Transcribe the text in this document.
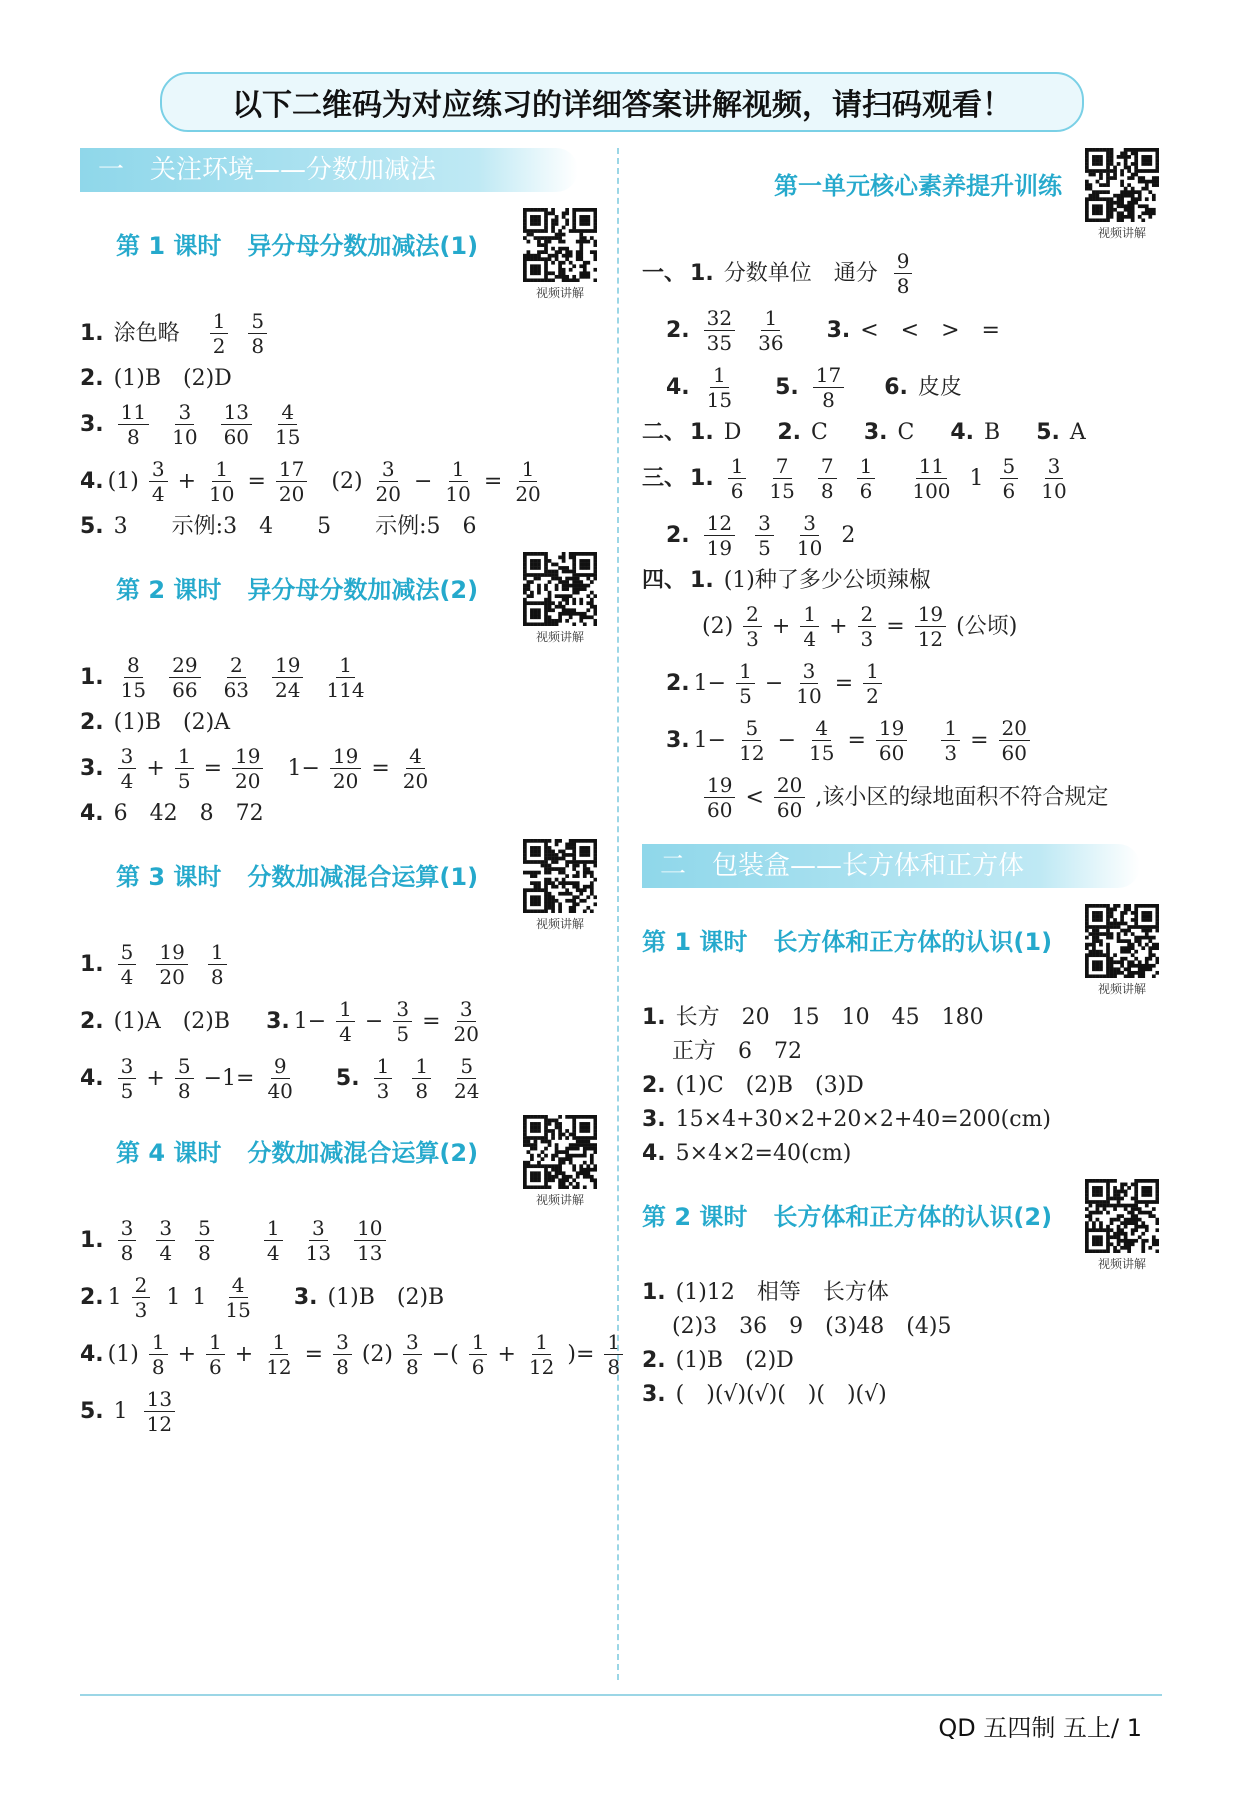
以下二维码为对应练习的详细答案讲解视频，请扫码观看！
一　 关注环境——分数加减法
第 1 课时 异分母分数加减法(1)
视频讲解
1. 涂色略 $\frac{1}{2} \frac{5}{8}$
2. (1)B　(2)D
3. $\frac{11}{8} \frac{3}{10} \frac{13}{60} \frac{4}{15}$
4. $(1) \frac{3}{4} + \frac{1}{10} = \frac{17}{20} (2) \frac{3}{20} - \frac{1}{10} = \frac{1}{20}$
5. 3　　示例:3　4　　5　　示例:5　6
第 2 课时 异分母分数加减法(2)
视频讲解
1. $\frac{8}{15} \frac{29}{66} \frac{2}{63} \frac{19}{24} \frac{1}{114}$
2. (1)B　(2)A
3. $\frac{3}{4} + \frac{1}{5} = \frac{19}{20} 1 - \frac{19}{20} = \frac{4}{20}$
4. 6　42　8　72
第 3 课时 分数加减混合运算(1)
视频讲解
1. $\frac{5}{4} \frac{19}{20} \frac{1}{8}$
2. (1)A　(2)B 3. $1 - \frac{1}{4} - \frac{3}{5} = \frac{3}{20}$
4. $\frac{3}{5} + \frac{5}{8} - 1 = \frac{9}{40} 5$. $\frac{1}{3} \frac{1}{8} \frac{5}{24}$
第 4 课时 分数加减混合运算(2)
视频讲解
1. $\frac{3}{8} \frac{3}{4} \frac{5}{8}$	$\frac{1}{4} \frac{3}{13} \frac{10}{13}$
2. $1 \frac{2}{3} 1$ $1 \frac{4}{15} 3$. (1)B　(2)B
4. $(1) \frac{1}{8} + \frac{1}{6} + \frac{1}{12} = \frac{3}{8} (2) \frac{3}{8}$ −( $\frac{1}{6} + \frac{1}{12}$ )= $\frac{1}{8}$
5. $1 \frac{13}{12}$
第一单元核心素养提升训练
视频讲解
一、 1. 分数单位　通分 $\frac{9}{8}$
2. $\frac{32}{35} \frac{1}{36} 3$. <　<　>　=
4. $\frac{1}{15} 5$. $\frac{17}{8} 6$. 皮皮
二、 1. D 2. C 3. C 4. B 5. A
三、 1. $\frac{1}{6} \frac{7}{15} \frac{7}{8} \frac{1}{6} \frac{11}{100} 1 \frac{5}{6} \frac{3}{10}$
2. $\frac{12}{19} \frac{3}{5} \frac{3}{10} 2$
四、 1. (1)种了多少公顷辣椒
$(2) \frac{2}{3} + \frac{1}{4} + \frac{2}{3} = \frac{19}{12}$ (公顷)
2. $1 - \frac{1}{5} - \frac{3}{10} = \frac{1}{2}$
3. $1 - \frac{5}{12} - \frac{4}{15} = \frac{19}{60} \frac{1}{3} = \frac{20}{60}$
$\frac{19}{60} < \frac{20}{60}$ ,该小区的绿地面积不符合规定
二　 包装盒——长方体和正方体
第 1 课时 长方体和正方体的认识(1)
视频讲解
1. 长方　20　15　10　45　180
正方　6　72
2. (1)C　(2)B　(3)D
3. 15×4+30×2+20×2+40=200(cm)
4. 5×4×2=40(cm)
第 2 课时 长方体和正方体的认识(2)
视频讲解
1. (1)12　相等　长方体
(2)3　36　9　(3)48　(4)5
2. (1)B　(2)D
3. (　)(√)(√)(　)(　)(√)
QD 五四制 五上/ 1
